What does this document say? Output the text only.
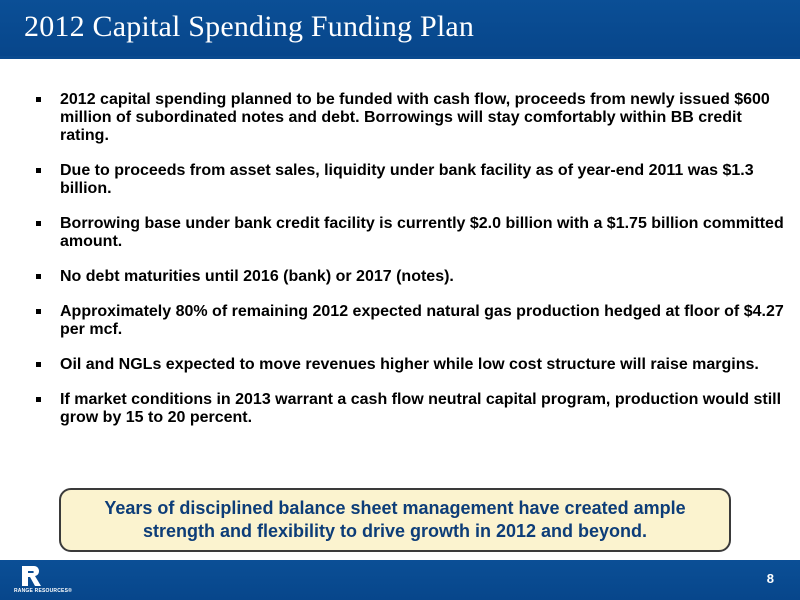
2012 Capital Spending Funding Plan
2012 capital spending planned to be funded with cash flow, proceeds from newly issued $600 million of subordinated notes and debt. Borrowings will stay comfortably within BB credit rating.
Due to proceeds from asset sales, liquidity under bank facility as of year-end 2011 was $1.3 billion.
Borrowing base under bank credit facility is currently $2.0 billion with a $1.75 billion committed amount.
No debt maturities until 2016 (bank) or 2017 (notes).
Approximately 80% of remaining 2012 expected natural gas production hedged at floor of $4.27 per mcf.
Oil and NGLs expected to move revenues higher while low cost structure will raise margins.
If market conditions in 2013 warrant a cash flow neutral capital program, production would still grow by 15 to 20 percent.
Years of disciplined balance sheet management have created ample strength and flexibility to drive growth in 2012 and beyond.
RANGE RESOURCES®
8
